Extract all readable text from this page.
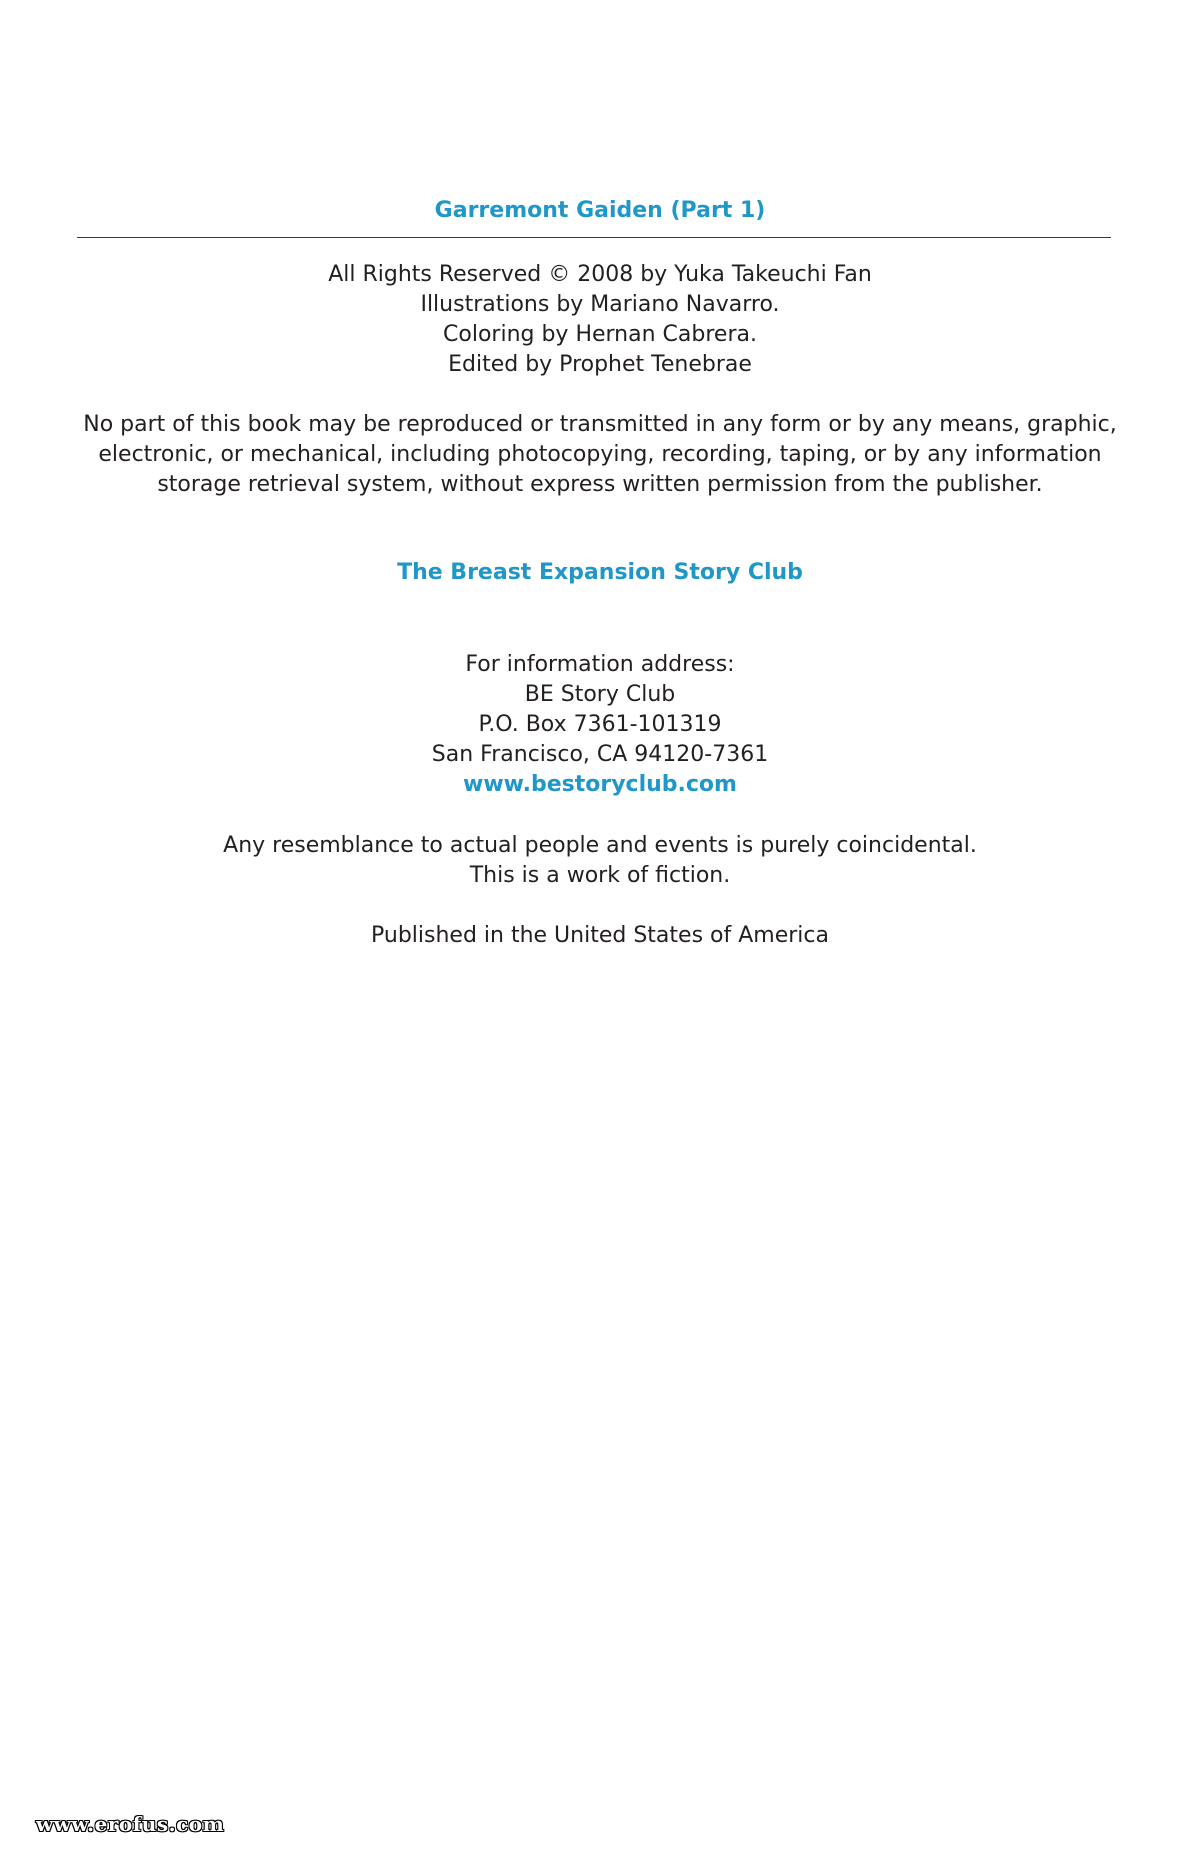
Garremont Gaiden (Part 1)
All Rights Reserved © 2008 by Yuka Takeuchi Fan
Illustrations by Mariano Navarro.
Coloring by Hernan Cabrera.
Edited by Prophet Tenebrae
No part of this book may be reproduced or transmitted in any form or by any means, graphic,
electronic, or mechanical, including photocopying, recording, taping, or by any information
storage retrieval system, without express written permission from the publisher.
The Breast Expansion Story Club
For information address:
BE Story Club
P.O. Box 7361-101319
San Francisco, CA 94120-7361
www.bestoryclub.com
Any resemblance to actual people and events is purely coincidental.
This is a work of fiction.
Published in the United States of America
www.erofus.com
